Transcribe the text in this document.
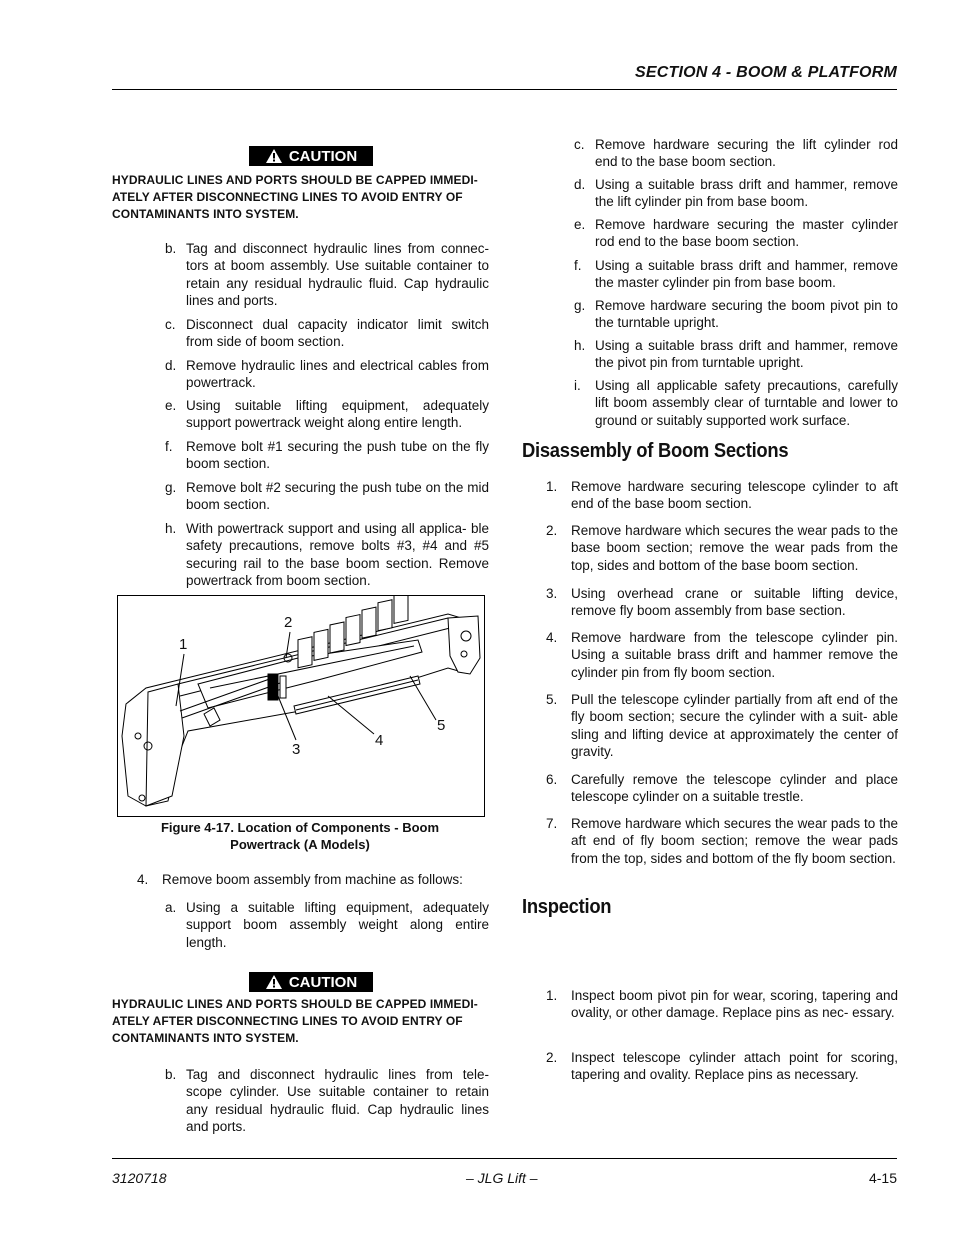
SECTION 4 - BOOM & PLATFORM
CAUTION
HYDRAULIC LINES AND PORTS SHOULD BE CAPPED IMMEDI- ATELY AFTER DISCONNECTING LINES TO AVOID ENTRY OF CONTAMINANTS INTO SYSTEM.
b. Tag and disconnect hydraulic lines from connec- tors at boom assembly. Use suitable container to retain any residual hydraulic fluid. Cap hydraulic lines and ports.
c. Disconnect dual capacity indicator limit switch from side of boom section.
d. Remove hydraulic lines and electrical cables from powertrack.
e. Using suitable lifting equipment, adequately support powertrack weight along entire length.
f. Remove bolt #1 securing the push tube on the fly boom section.
g. Remove bolt #2 securing the push tube on the mid boom section.
h. With powertrack support and using all applica- ble safety precautions, remove bolts #3, #4 and #5 securing rail to the base boom section. Remove powertrack from boom section.
1
2
3
4
5
Figure 4-17. Location of Components - Boom
Powertrack (A Models)
4.	Remove boom assembly from machine as follows:
a. Using a suitable lifting equipment, adequately support boom assembly weight along entire length.
CAUTION
HYDRAULIC LINES AND PORTS SHOULD BE CAPPED IMMEDI- ATELY AFTER DISCONNECTING LINES TO AVOID ENTRY OF CONTAMINANTS INTO SYSTEM.
b. Tag and disconnect hydraulic lines from tele- scope cylinder. Use suitable container to retain any residual hydraulic fluid. Cap hydraulic lines and ports.
c. Remove hardware securing the lift cylinder rod end to the base boom section.
d. Using a suitable brass drift and hammer, remove the lift cylinder pin from base boom.
e. Remove hardware securing the master cylinder rod end to the base boom section.
f. Using a suitable brass drift and hammer, remove the master cylinder pin from base boom.
g. Remove hardware securing the boom pivot pin to the turntable upright.
h. Using a suitable brass drift and hammer, remove the pivot pin from turntable upright.
i.	Using all applicable safety precautions, carefully lift boom assembly clear of turntable and lower to ground or suitably supported work surface.
Disassembly of Boom Sections
1.	Remove hardware securing telescope cylinder to aft end of the base boom section.
2.	Remove hardware which secures the wear pads to the base boom section; remove the wear pads from the top, sides and bottom of the base boom section.
3.	Using overhead crane or suitable lifting device, remove fly boom assembly from base section.
4.	Remove hardware from the telescope cylinder pin. Using a suitable brass drift and hammer remove the cylinder pin from fly boom section.
5.	Pull the telescope cylinder partially from aft end of the fly boom section; secure the cylinder with a suit- able sling and lifting device at approximately the center of gravity.
6.	Carefully remove the telescope cylinder and place telescope cylinder on a suitable trestle.
7.	Remove hardware which secures the wear pads to the aft end of fly boom section; remove the wear pads from the top, sides and bottom of the fly boom section.
Inspection
1.	Inspect boom pivot pin for wear, scoring, tapering and ovality, or other damage. Replace pins as nec- essary.
2.	Inspect telescope cylinder attach point for scoring, tapering and ovality. Replace pins as necessary.
3120718	– JLG Lift –	4-15
